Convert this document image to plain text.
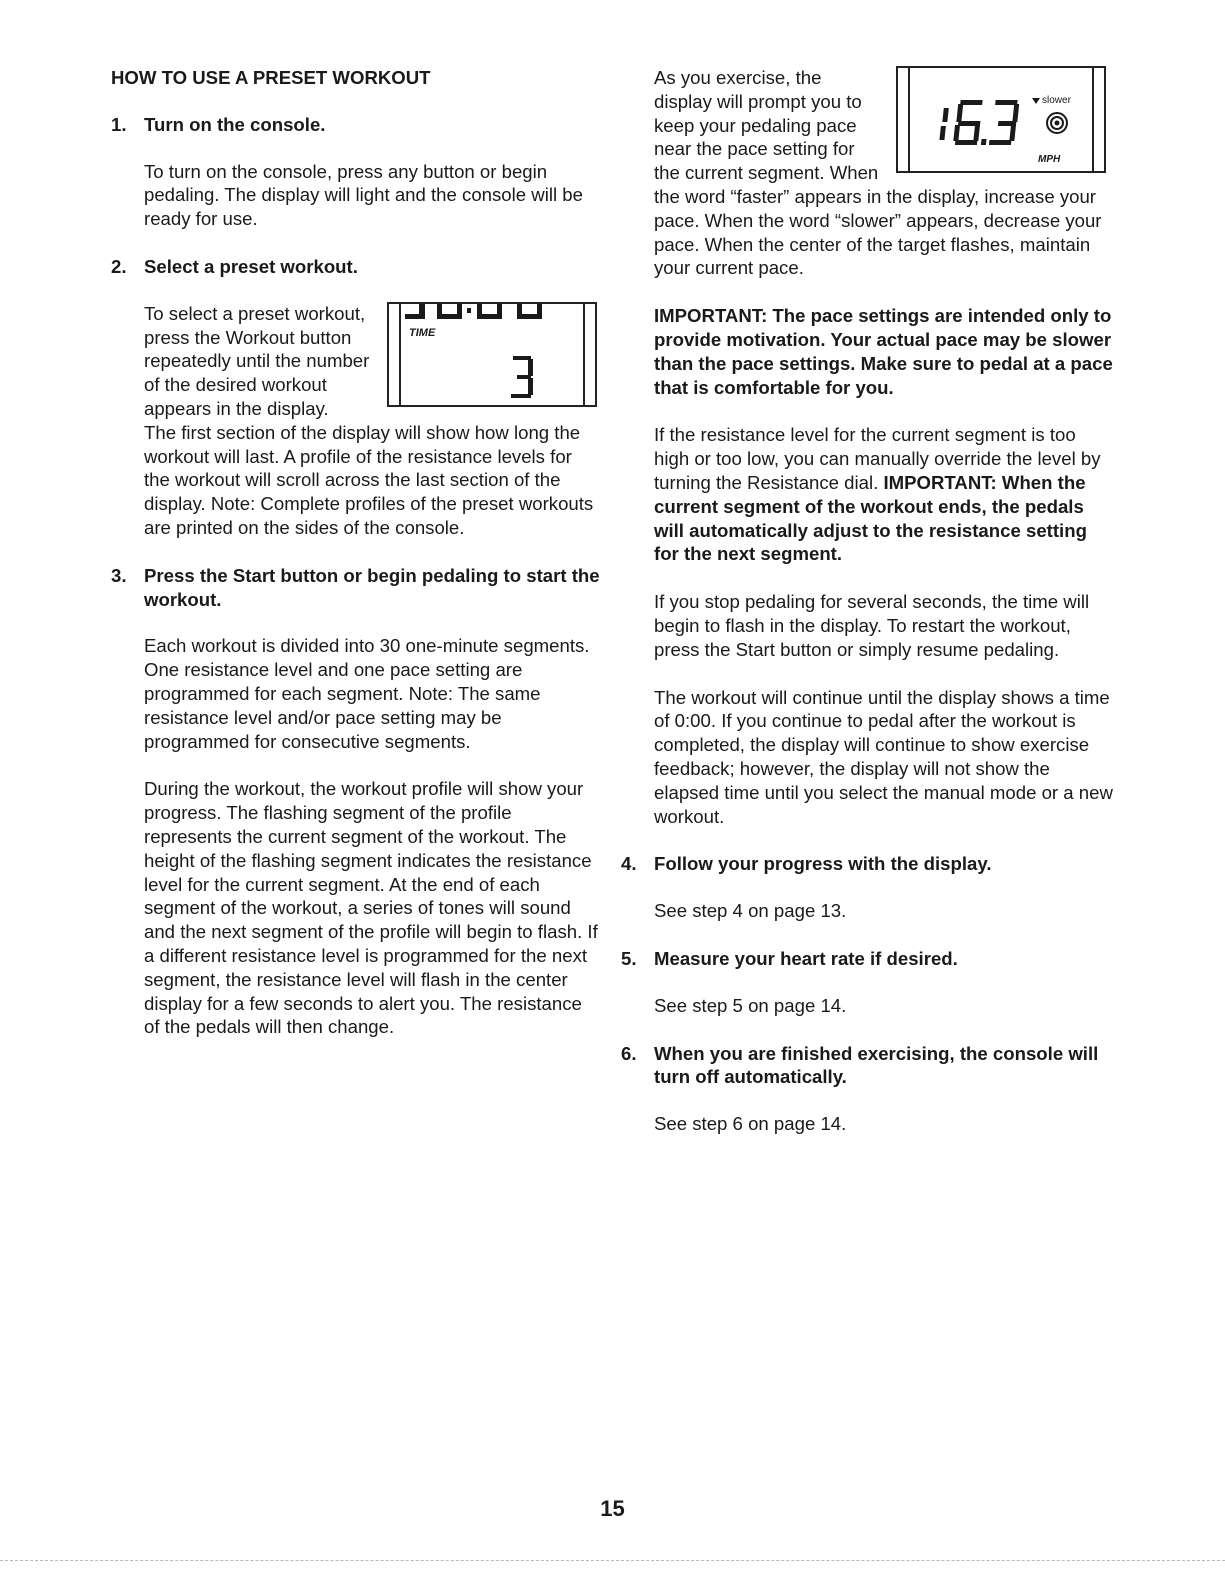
HOW TO USE A PRESET WORKOUT
1. Turn on the console.

To turn on the console, press any button or begin pedaling. The display will light and the console will be ready for use.

2. Select a preset workout.
TIME
To select a preset workout, press the Workout button repeatedly until the number of the desired workout appears in the display.
The first section of the display will show how long the workout will last. A profile of the resistance levels for the workout will scroll across the last section of the display. Note: Complete profiles of the preset workouts are printed on the sides of the console.
3. Press the Start button or begin pedaling to start the workout.

Each workout is divided into 30 one-minute segments. One resistance level and one pace setting are programmed for each segment. Note: The same resistance level and/or pace setting may be programmed for consecutive segments.

During the workout, the workout profile will show your progress. The flashing segment of the profile represents the current segment of the workout. The height of the flashing segment indicates the resistance level for the current segment. At the end of each segment of the workout, a series of tones will sound and the next segment of the profile will begin to flash. If a different resistance level is programmed for the next segment, the resistance level will flash in the center display for a few seconds to alert you. The resistance of the pedals will then change.

slower
MPH
As you exercise, the display will prompt you to keep your pedaling pace near the pace setting for the current segment. When the word “faster” appears in the display, increase your pace. When the word “slower” appears, decrease your pace. When the center of the target flashes, maintain your current pace.

IMPORTANT: The pace settings are intended only to provide motivation. Your actual pace may be slower than the pace settings. Make sure to pedal at a pace that is comfortable for you.

If the resistance level for the current segment is too high or too low, you can manually override the level by turning the Resistance dial. IMPORTANT: When the current segment of the workout ends, the pedals will automatically adjust to the resistance setting for the next segment.

If you stop pedaling for several seconds, the time will begin to flash in the display. To restart the workout, press the Start button or simply resume pedaling.

The workout will continue until the display shows a time of 0:00. If you continue to pedal after the workout is completed, the display will continue to show exercise feedback; however, the display will not show the elapsed time until you select the manual mode or a new workout.

4. Follow your progress with the display.

See step 4 on page 13.

5. Measure your heart rate if desired.

See step 5 on page 14.

6. When you are finished exercising, the console will turn off automatically.

See step 6 on page 14.

15
